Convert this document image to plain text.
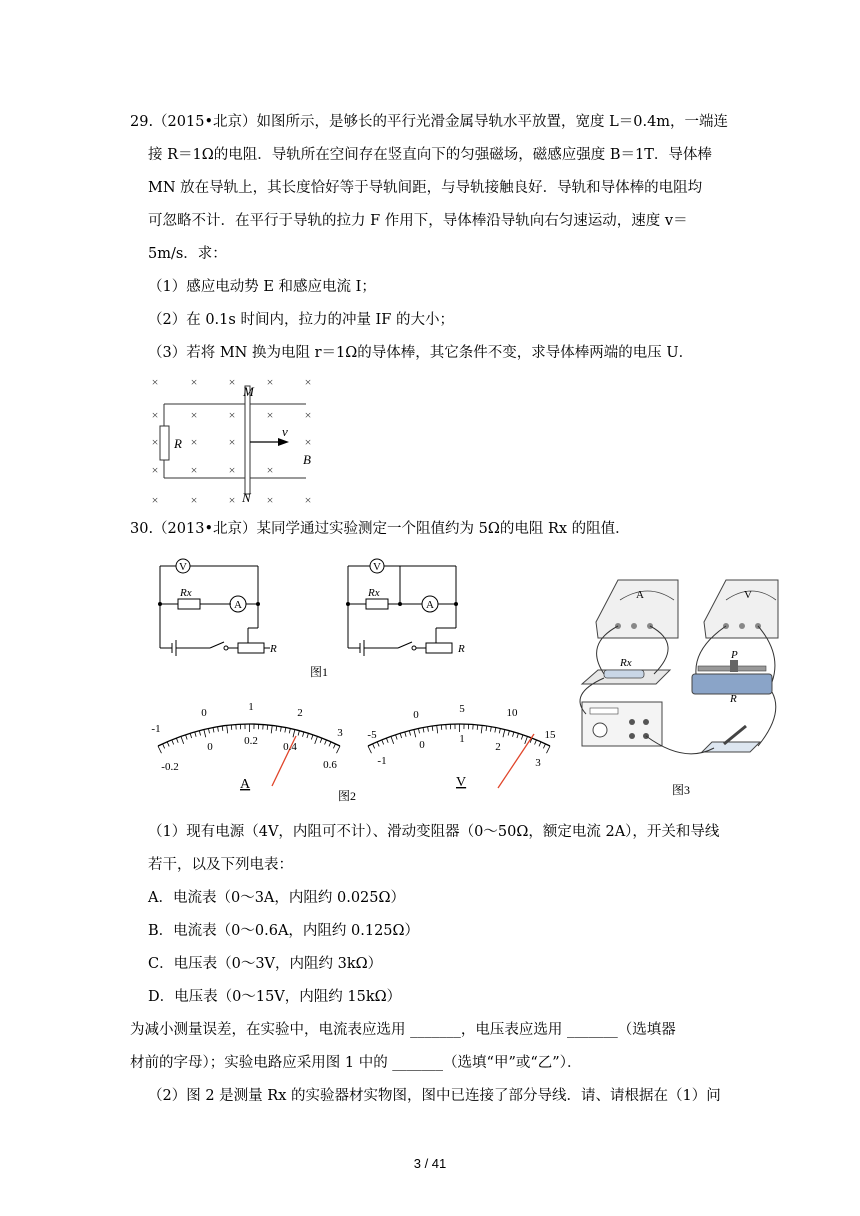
29.（2015•北京）如图所示，是够长的平行光滑金属导轨水平放置，宽度 L＝0.4m，一端连
接 R＝1Ω的电阻．导轨所在空间存在竖直向下的匀强磁场，磁感应强度 B＝1T．导体棒
MN 放在导轨上，其长度恰好等于导轨间距，与导轨接触良好．导轨和导体棒的电阻均
可忽略不计．在平行于导轨的拉力 F 作用下，导体棒沿导轨向右匀速运动，速度 v＝
5m/s．求：
（1）感应电动势 E 和感应电流 I；
（2）在 0.1s 时间内，拉力的冲量 IF 的大小；
（3）若将 MN 换为电阻 r＝1Ω的导体棒，其它条件不变，求导体棒两端的电压 U．
×	×	×	×	×
×	×	×	×	×
×	×	×	×
×	×	×	×
×	×	×	×	×
M
N
R
v
B
30.（2013•北京）某同学通过实验测定一个阻值约为 5Ω的电阻 Rx 的阻值．
V
A
V
A
Rx
R
Rx
R
图1
-1
0	1	2
3
-0.2
0	0.2 0.4
0.6
A
-5
0	5	10
15
-1
0	1
2
3
V
图2
A	V
Rx
P
R
图3
（1）现有电源（4V，内阻可不计）、滑动变阻器（0～50Ω，额定电流 2A），开关和导线
若干，以及下列电表：
A．电流表（0～3A，内阻约 0.025Ω）
B．电流表（0～0.6A，内阻约 0.125Ω）
C．电压表（0～3V，内阻约 3kΩ）
D．电压表（0～15V，内阻约 15kΩ）
为减小测量误差，在实验中，电流表应选用 _______，电压表应选用 _______（选填器
材前的字母）；实验电路应采用图 1 中的 _______（选填“甲”或“乙”）．
（2）图 2 是测量 Rx 的实验器材实物图，图中已连接了部分导线．请、请根据在（1）问
3 / 41
